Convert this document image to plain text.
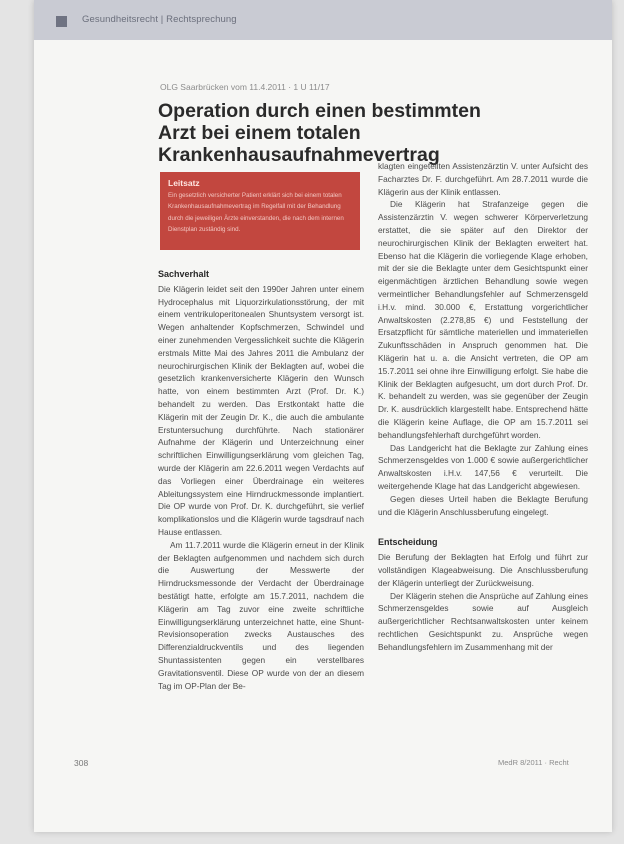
Gesundheitsrecht | Rechtsprechung
OLG Saarbrücken vom 11.4.2011 · 1 U 11/17
Operation durch einen bestimmten Arzt bei einem totalen Krankenhausaufnahmevertrag
Leitsatz
Ein gesetzlich versicherter Patient erklärt sich bei einem totalen Krankenhausaufnahmevertrag im Regelfall mit der Behandlung durch die jeweiligen Ärzte einverstanden, die nach dem internen Dienstplan zuständig sind.
Sachverhalt

Die Klägerin leidet seit den 1990er Jahren unter einem Hydrocephalus mit Liquorzirkulationsstörung, der mit einem ventrikuloperitonealen Shuntsystem versorgt ist. Wegen anhaltender Kopfschmerzen, Schwindel und einer zunehmenden Vergesslichkeit suchte die Klägerin erstmals Mitte Mai des Jahres 2011 die Ambulanz der neurochirurgischen Klinik der Beklagten auf, wobei die gesetzlich krankenversicherte Klägerin den Wunsch hatte, von einem bestimmten Arzt (Prof. Dr. K.) behandelt zu werden. Das Erstkontakt hatte die Klägerin mit der Zeugin Dr. K., die auch die ambulante Erstuntersuchung durchführte. Nach stationärer Aufnahme der Klägerin und Unterzeichnung einer schriftlichen Einwilligungserklärung vom gleichen Tag, wurde der Klägerin am 22.6.2011 wegen Verdachts auf das Vorliegen einer Überdrainage ein weiteres Ableitungssystem eine Hirndruckmessonde implantiert. Die OP wurde von Prof. Dr. K. durchgeführt, sie verlief komplikationslos und die Klägerin wurde tagsdrauf nach Hause entlassen.

Am 11.7.2011 wurde die Klägerin erneut in der Klinik der Beklagten aufgenommen und nachdem sich durch die Auswertung der Messwerte der Hirndrucksmessonde der Verdacht der Überdrainage bestätigt hatte, erfolgte am 15.7.2011, nachdem die Klägerin am Tag zuvor eine zweite schriftliche Einwilligungserklärung unterzeichnet hatte, eine Shunt-Revisionsoperation zwecks Austausches des Differenzialdruckventils und des liegenden Shuntassistenten gegen ein verstellbares Gravitationsventil. Diese OP wurde von der an diesem Tag im OP-Plan der Be-

klagten eingeteilten Assistenzärztin V. unter Aufsicht des Facharztes Dr. F. durchgeführt. Am 28.7.2011 wurde die Klägerin aus der Klinik entlassen.

Die Klägerin hat Strafanzeige gegen die Assistenzärztin V. wegen schwerer Körperverletzung erstattet, die sie später auf den Direktor der neurochirurgischen Klinik der Beklagten erweitert hat. Ebenso hat die Klägerin die vorliegende Klage erhoben, mit der sie die Beklagte unter dem Gesichtspunkt einer eigenmächtigen ärztlichen Behandlung sowie wegen vermeintlicher Behandlungsfehler auf Schmerzensgeld i.H.v. mind. 30.000 €, Erstattung vorgerichtlicher Anwaltskosten (2.278,85 €) und Feststellung der Ersatzpflicht für sämtliche materiellen und immateriellen Zukunftsschäden in Anspruch genommen hat. Die Klägerin hat u. a. die Ansicht vertreten, die OP am 15.7.2011 sei ohne ihre Einwilligung erfolgt. Sie habe die Klinik der Beklagten aufgesucht, um dort durch Prof. Dr. K. behandelt zu werden, was sie gegenüber der Zeugin Dr. K. ausdrücklich klargestellt habe. Entsprechend hätte die Klägerin keine Auflage, die OP am 15.7.2011 sei behandlungsfehlerhaft durchgeführt worden.

Das Landgericht hat die Beklagte zur Zahlung eines Schmerzensgeldes von 1.000 € sowie außergerichtlicher Anwaltskosten i.H.v. 147,56 € verurteilt. Die weitergehende Klage hat das Landgericht abgewiesen.

Gegen dieses Urteil haben die Beklagte Berufung und die Klägerin Anschlussberufung eingelegt.

Entscheidung

Die Berufung der Beklagten hat Erfolg und führt zur vollständigen Klageabweisung. Die Anschlussberufung der Klägerin unterliegt der Zurückweisung.

Der Klägerin stehen die Ansprüche auf Zahlung eines Schmerzensgeldes sowie auf Ausgleich außergerichtlicher Rechtsanwaltskosten unter keinem rechtlichen Gesichtspunkt zu. Ansprüche wegen Behandlungsfehlern im Zusammenhang mit der

308	MedR 8/2011 · Recht
